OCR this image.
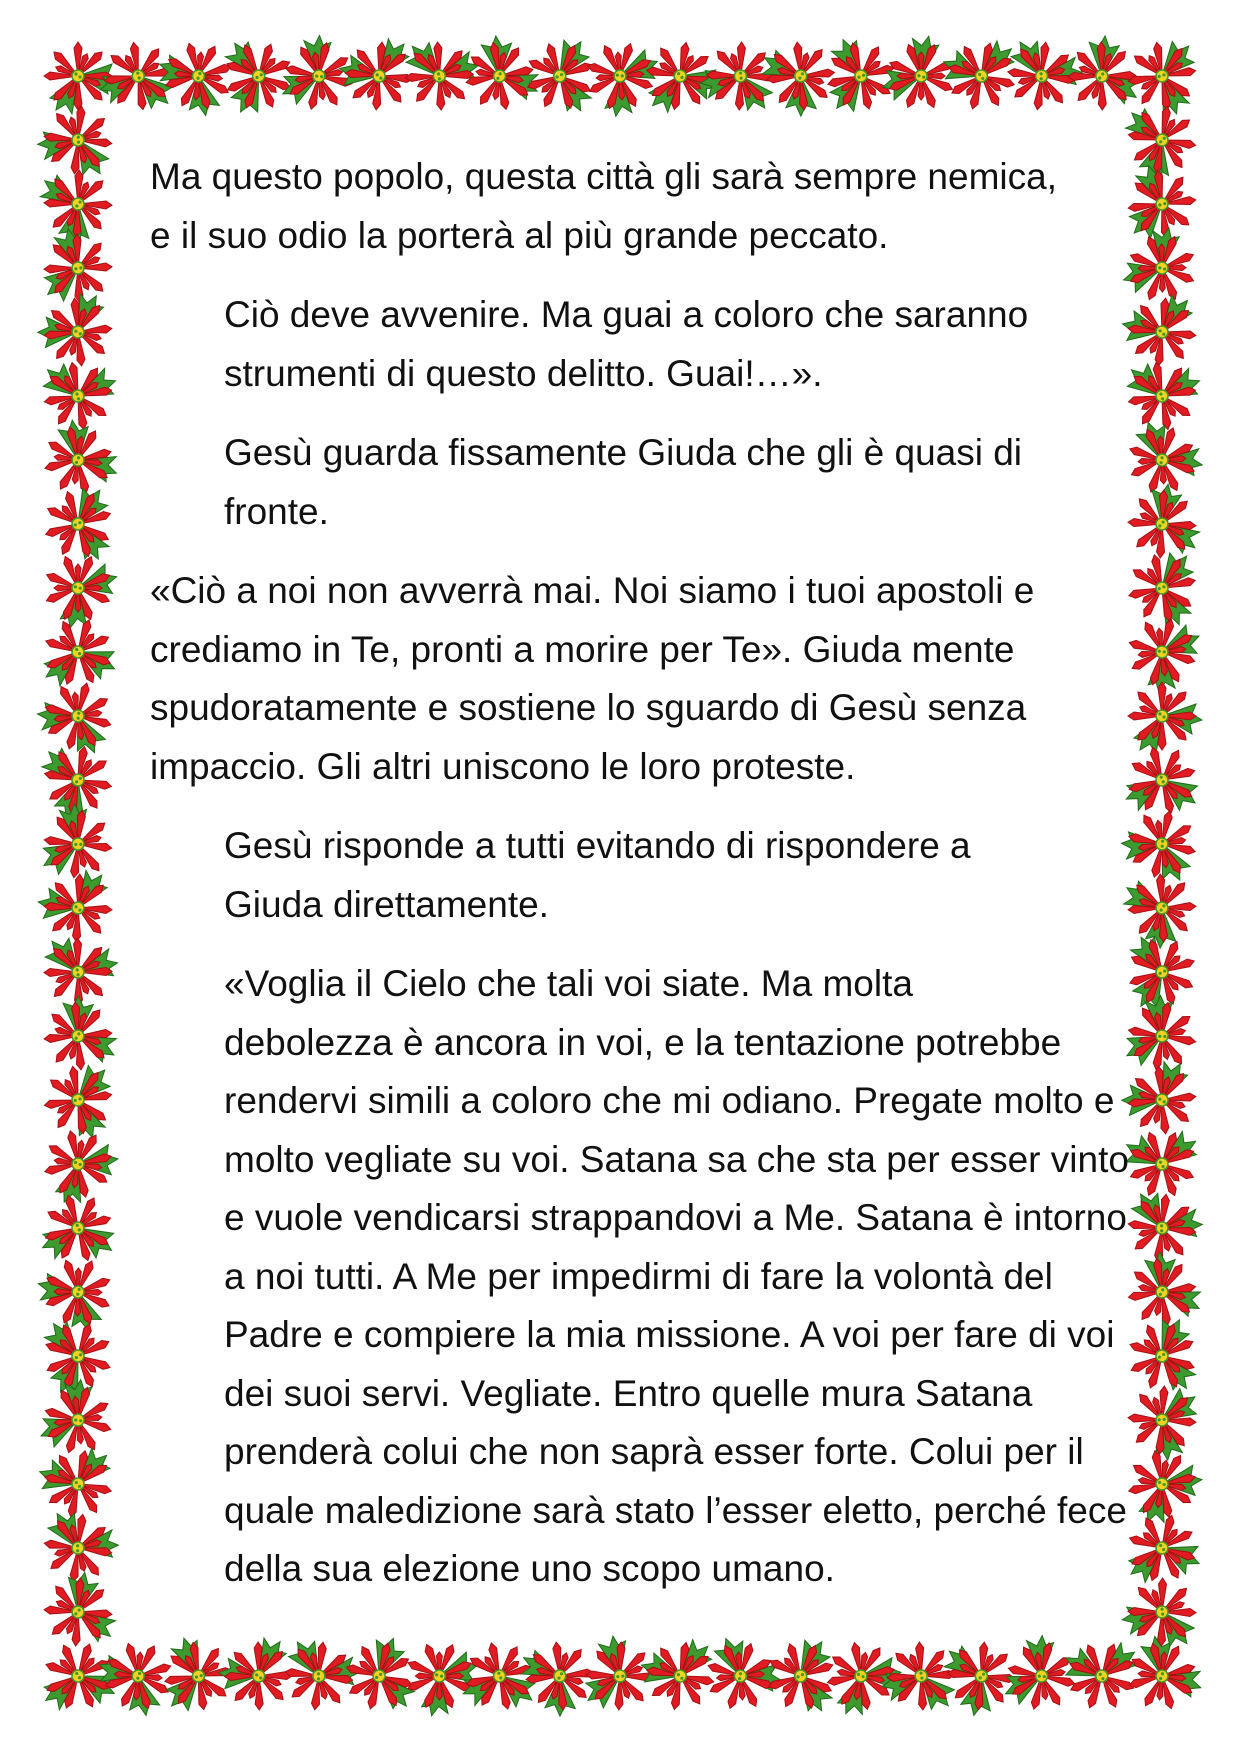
Ma questo popolo, questa città gli sarà sempre nemica,
e il suo odio la porterà al più grande peccato.
Ciò deve avvenire. Ma guai a coloro che saranno
strumenti di questo delitto. Guai!…».
Gesù guarda fissamente Giuda che gli è quasi di
fronte.
«Ciò a noi non avverrà mai. Noi siamo i tuoi apostoli e
crediamo in Te, pronti a morire per Te». Giuda mente
spudoratamente e sostiene lo sguardo di Gesù senza
impaccio. Gli altri uniscono le loro proteste.
Gesù risponde a tutti evitando di rispondere a
Giuda direttamente.
«Voglia il Cielo che tali voi siate. Ma molta
debolezza è ancora in voi, e la tentazione potrebbe
rendervi simili a coloro che mi odiano. Pregate molto e
molto vegliate su voi. Satana sa che sta per esser vinto
e vuole vendicarsi strappandovi a Me. Satana è intorno
a noi tutti. A Me per impedirmi di fare la volontà del
Padre e compiere la mia missione. A voi per fare di voi
dei suoi servi. Vegliate. Entro quelle mura Satana
prenderà colui che non saprà esser forte. Colui per il
quale maledizione sarà stato l’esser eletto, perché fece
della sua elezione uno scopo umano.
